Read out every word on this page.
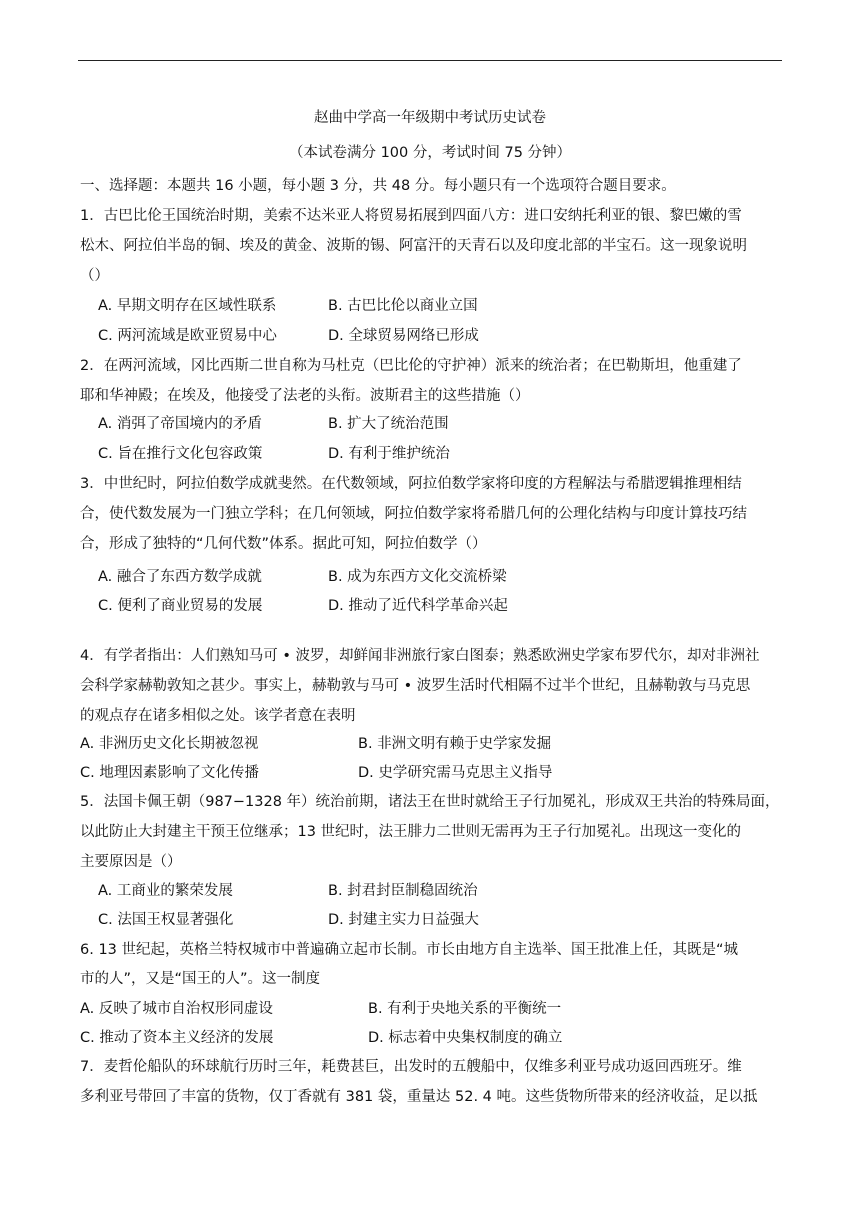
赵曲中学高一年级期中考试历史试卷
（本试卷满分 100 分，考试时间 75 分钟）
一、选择题：本题共 16 小题，每小题 3 分，共 48 分。每小题只有一个选项符合题目要求。
1．古巴比伦王国统治时期，美索不达米亚人将贸易拓展到四面八方：进口安纳托利亚的银、黎巴嫩的雪
松木、阿拉伯半岛的铜、埃及的黄金、波斯的锡、阿富汗的天青石以及印度北部的半宝石。这一现象说明
（）
A. 早期文明存在区域性联系	B. 古巴比伦以商业立国
C. 两河流域是欧亚贸易中心	D. 全球贸易网络已形成
2．在两河流域，冈比西斯二世自称为马杜克（巴比伦的守护神）派来的统治者；在巴勒斯坦，他重建了
耶和华神殿；在埃及，他接受了法老的头衔。波斯君主的这些措施（）
A. 消弭了帝国境内的矛盾	B. 扩大了统治范围
C. 旨在推行文化包容政策	D. 有利于维护统治
3．中世纪时，阿拉伯数学成就斐然。在代数领域，阿拉伯数学家将印度的方程解法与希腊逻辑推理相结
合，使代数发展为一门独立学科；在几何领域，阿拉伯数学家将希腊几何的公理化结构与印度计算技巧结
合，形成了独特的“几何代数”体系。据此可知，阿拉伯数学（）
A. 融合了东西方数学成就	B. 成为东西方文化交流桥梁
C. 便利了商业贸易的发展	D. 推动了近代科学革命兴起
4．有学者指出：人们熟知马可 • 波罗，却鲜闻非洲旅行家白图泰；熟悉欧洲史学家布罗代尔，却对非洲社
会科学家赫勒敦知之甚少。事实上，赫勒敦与马可 • 波罗生活时代相隔不过半个世纪，且赫勒敦与马克思
的观点存在诸多相似之处。该学者意在表明
A. 非洲历史文化长期被忽视	B. 非洲文明有赖于史学家发掘
C. 地理因素影响了文化传播	D. 史学研究需马克思主义指导
5．法国卡佩王朝（987−1328 年）统治前期，诸法王在世时就给王子行加冕礼，形成双王共治的特殊局面，
以此防止大封建主干预王位继承；13 世纪时，法王腓力二世则无需再为王子行加冕礼。出现这一变化的
主要原因是（）
A. 工商业的繁荣发展	B. 封君封臣制稳固统治
C. 法国王权显著强化	D. 封建主实力日益强大
6. 13 世纪起，英格兰特权城市中普遍确立起市长制。市长由地方自主选举、国王批准上任，其既是“城
市的人”，又是“国王的人”。这一制度
A. 反映了城市自治权形同虚设	B. 有利于央地关系的平衡统一
C. 推动了资本主义经济的发展	D. 标志着中央集权制度的确立
7．麦哲伦船队的环球航行历时三年，耗费甚巨，出发时的五艘船中，仅维多利亚号成功返回西班牙。维
多利亚号带回了丰富的货物，仅丁香就有 381 袋，重量达 52. 4 吨。这些货物所带来的经济收益，足以抵
